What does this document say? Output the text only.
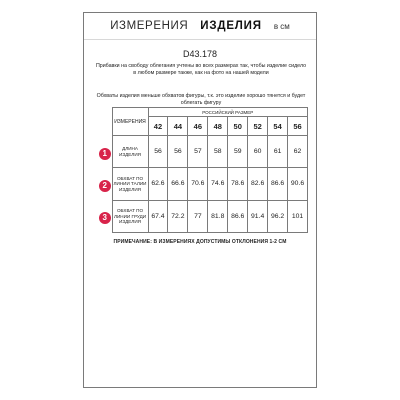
ИЗМЕРЕНИЯ ИЗДЕЛИЯ в см
D43.178
Прибавки на свободу облегания учтены во всех размерах так, чтобы изделие сидело в любом размере также, как на фото на нашей модели
Обхваты изделия меньше обхватов фигуры, т.к. это изделие хорошо тянется и будет облегать фигуру
	ИЗМЕРЕНИЯ	РОССИЙСКИЙ РАЗМЕР							
		42	44	46	48	50	52	54	56
1	ДЛИНА ИЗДЕЛИЯ	56	56	57	58	59	60	61	62
2	ОБХВАТ ПО ЛИНИИ ТАЛИИ ИЗДЕЛИЯ	62.6	66.6	70.6	74.6	78.6	82.6	86.6	90.6
3	ОБХВАТ ПО ЛИНИИ ГРУДИ ИЗДЕЛИЯ	67.4	72.2	77	81.8	86.6	91.4	96.2	101
ПРИМЕЧАНИЕ: В ИЗМЕРЕНИЯХ ДОПУСТИМЫ ОТКЛОНЕНИЯ 1-2 СМ
